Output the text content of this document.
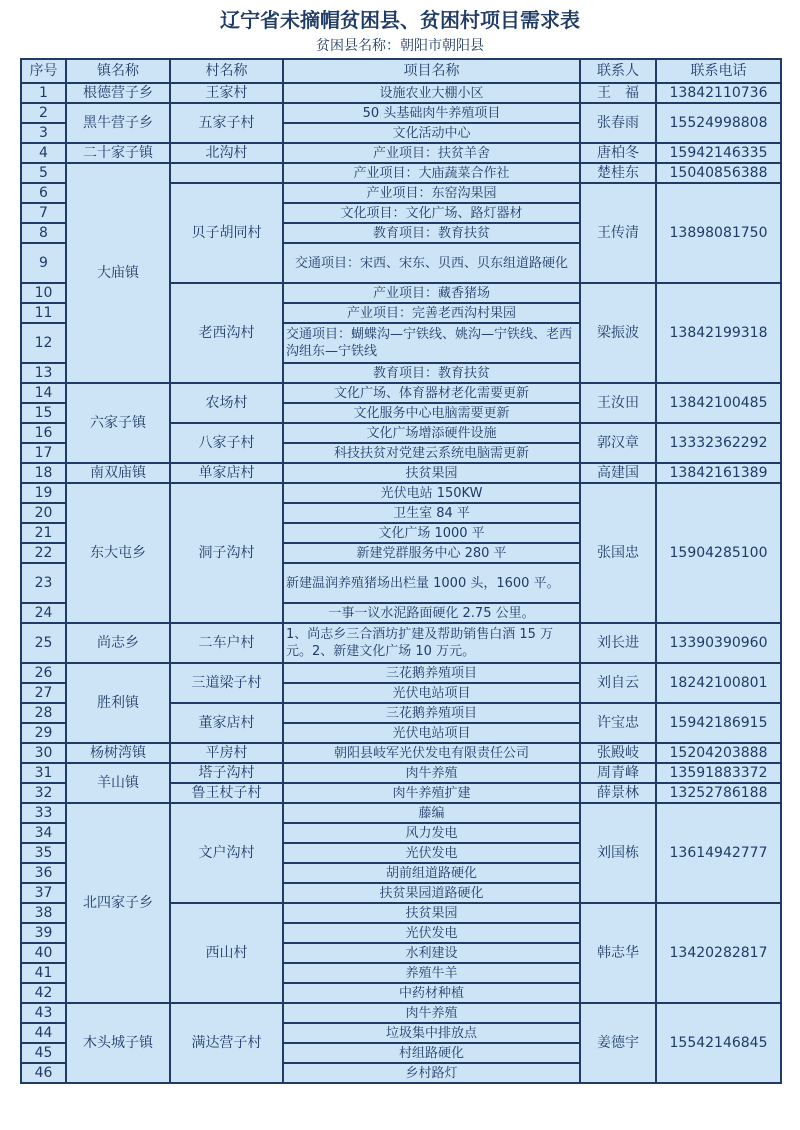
辽宁省未摘帽贫困县、贫困村项目需求表
贫困县名称：朝阳市朝阳县
序号	镇名称	村名称	项目名称	联系人	联系电话
1	根德营子乡	王家村	设施农业大棚小区	王　福	13842110736
2	黑牛营子乡	五家子村	50 头基础肉牛养殖项目	张春雨	15524998808
3			文化活动中心		
4	二十家子镇	北沟村	产业项目：扶贫羊舍	唐柏冬	15942146335
5	大庙镇		产业项目：大庙蔬菜合作社	楚桂东	15040856388
6		贝子胡同村	产业项目：东窑沟果园	王传清	13898081750
7			文化项目：文化广场、路灯器材		
8			教育项目：教育扶贫		
9			交通项目：宋西、宋东、贝西、贝东组道路硬化		
10		老西沟村	产业项目：藏香猪场	梁振波	13842199318
11			产业项目：完善老西沟村果园		
12			交通项目：蝴蝶沟—宁铁线、姚沟—宁铁线、老西沟组东—宁铁线		
13			教育项目：教育扶贫		
14	六家子镇	农场村	文化广场、体育器材老化需要更新	王汝田	13842100485
15			文化服务中心电脑需要更新		
16		八家子村	文化广场增添硬件设施	郭汉章	13332362292
17			科技扶贫对党建云系统电脑需更新		
18	南双庙镇	单家店村	扶贫果园	高建国	13842161389
19	东大屯乡	洞子沟村	光伏电站 150KW	张国忠	15904285100
20			卫生室 84 平		
21			文化广场 1000 平		
22			新建党群服务中心 280 平		
23			新建温润养殖猪场出栏量 1000 头，1600 平。		
24			一事一议水泥路面硬化 2.75 公里。		
25	尚志乡	二车户村	1、尚志乡三合酒坊扩建及帮助销售白酒 15 万元。2、新建文化广场 10 万元。	刘长进	13390390960
26	胜利镇	三道梁子村	三花鹅养殖项目	刘自云	18242100801
27			光伏电站项目		
28		董家店村	三花鹅养殖项目	许宝忠	15942186915
29			光伏电站项目		
30	杨树湾镇	平房村	朝阳县岐军光伏发电有限责任公司	张殿岐	15204203888
31	羊山镇	塔子沟村	肉牛养殖	周青峰	13591883372
32		鲁王杖子村	肉牛养殖扩建	薛景林	13252786188
33	北四家子乡	文户沟村	藤编	刘国栋	13614942777
34			风力发电		
35			光伏发电		
36			胡前组道路硬化		
37			扶贫果园道路硬化		
38		西山村	扶贫果园	韩志华	13420282817
39			光伏发电		
40			水利建设		
41			养殖牛羊		
42			中药材种植		
43	木头城子镇	满达营子村	肉牛养殖	姜德宇	15542146845
44			垃圾集中排放点		
45			村组路硬化		
46			乡村路灯		
